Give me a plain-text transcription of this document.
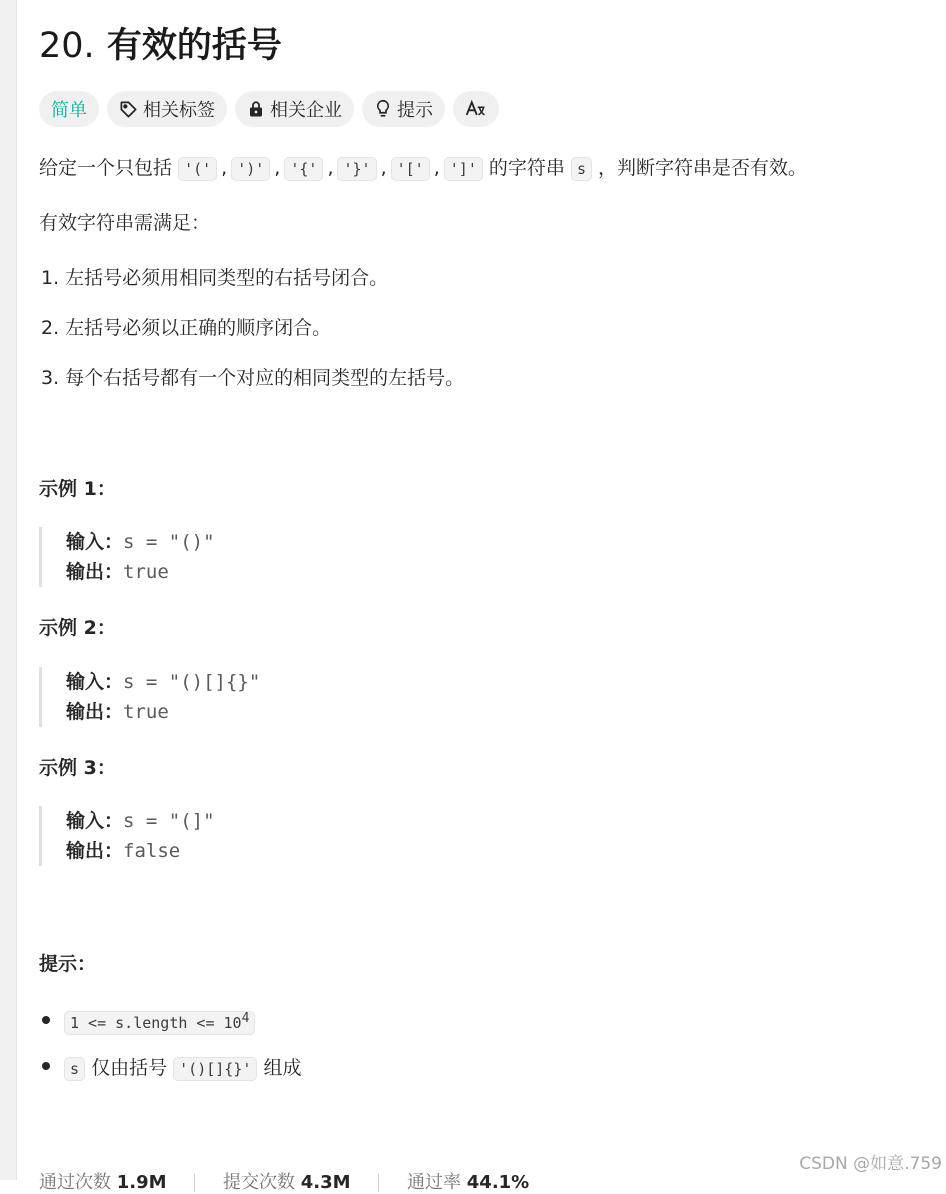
20. 有效的括号
简单	相关标签	相关企业	提示
给定一个只包括 '(' , ')' , '{' , '}' , '[' , ']' 的字符串 s ，判断字符串是否有效。
有效字符串需满足：
1. 左括号必须用相同类型的右括号闭合。
2. 左括号必须以正确的顺序闭合。
3. 每个右括号都有一个对应的相同类型的左括号。
示例 1：
输入：s = "()"
输出：true
示例 2：
输入：s = "()[]{}"
输出：true
示例 3：
输入：s = "(]"
输出：false
提示：
1 <= s.length <= $10^4$
s 仅由括号 '()[]{}' 组成
通过次数 1.9M	提交次数 4.3M	通过率 44.1%
CSDN @如意.759
